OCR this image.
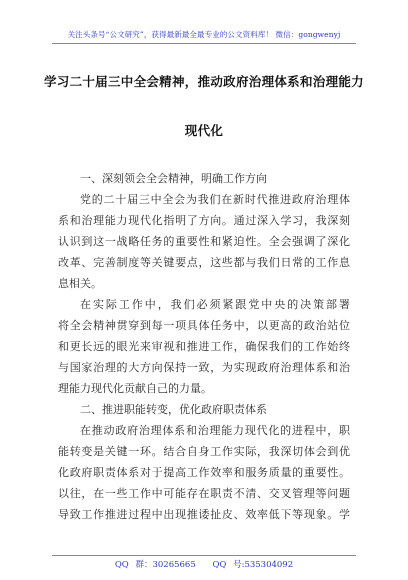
关注头条号“公文研究”，获得最新最全最专业的公文资料库！ 微信：gongwenyj
学习二十届三中全会精神，推动政府治理体系和治理能力
现代化
一、深刻领会全会精神，明确工作方向
党的二十届三中全会为我们在新时代推进政府治理体
系和治理能力现代化指明了方向。通过深入学习，我深刻
认识到这一战略任务的重要性和紧迫性。全会强调了深化
改革、完善制度等关键要点，这些都与我们日常的工作息
息相关。
在实际工作中，我们必须紧跟党中央的决策部署
将全会精神贯穿到每一项具体任务中，以更高的政治站位
和更长远的眼光来审视和推进工作，确保我们的工作始终
与国家治理的大方向保持一致，为实现政府治理体系和治
理能力现代化贡献自己的力量。
二、推进职能转变，优化政府职责体系
在推动政府治理体系和治理能力现代化的进程中，职
能转变是关键一环。结合自身工作实际，我深切体会到优
化政府职责体系对于提高工作效率和服务质量的重要性。
以往，在一些工作中可能存在职责不清、交叉管理等问题
导致工作推进过程中出现推诿扯皮、效率低下等现象。学
QQ 群：30265665 QQ 号:535304092
